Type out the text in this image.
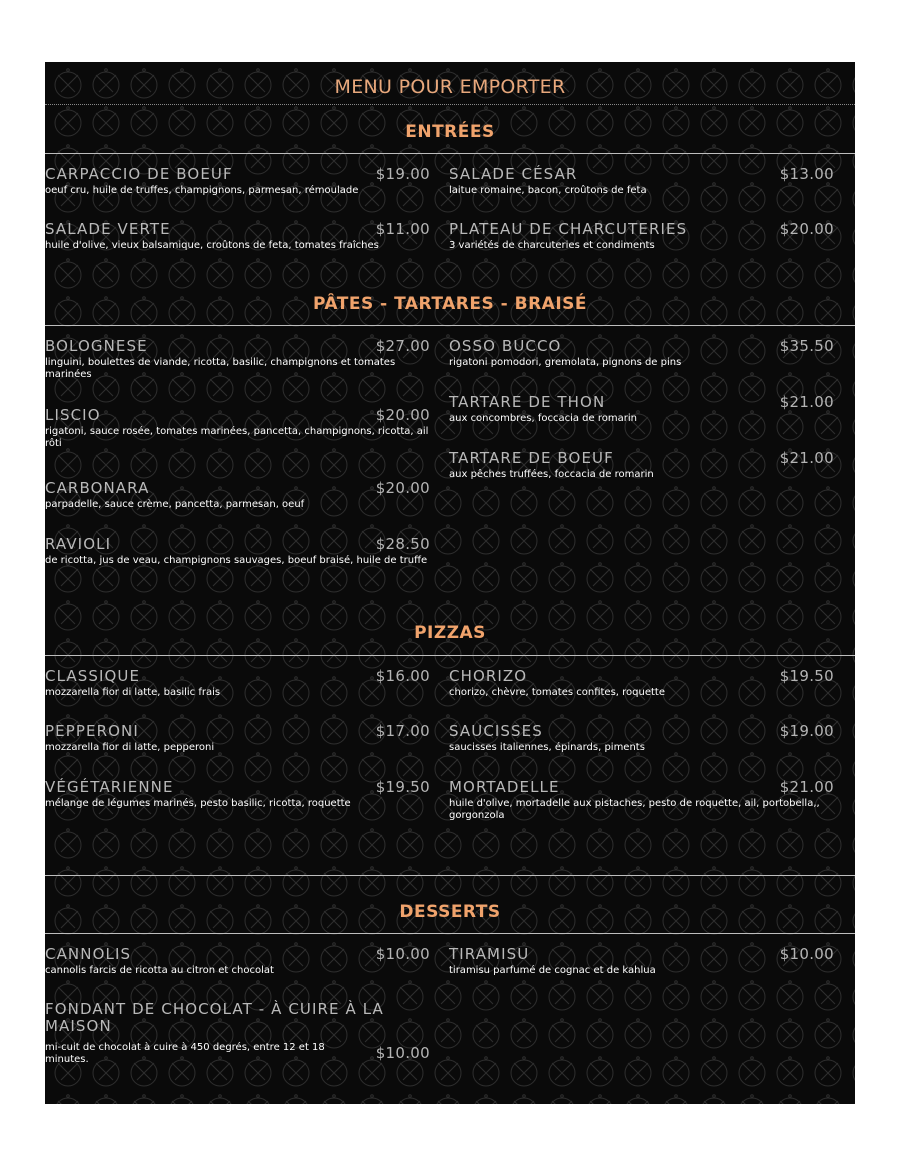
MENU POUR EMPORTER
ENTRÉES
CARPACCIO DE BOEUF	$19.00
oeuf cru, huile de truffes, champignons, parmesan, rémoulade
SALADE CÉSAR	$13.00
laitue romaine, bacon, croûtons de feta
SALADE VERTE	$11.00
huile d'olive, vieux balsamique, croûtons de feta, tomates fraîches
PLATEAU DE CHARCUTERIES	$20.00
3 variétés de charcuteries et condiments
PÂTES - TARTARES - BRAISÉ
BOLOGNESE	$27.00
linguini, boulettes de viande, ricotta, basilic, champignons et tomates marinées
OSSO BUCCO	$35.50
rigatoni pomodori, gremolata, pignons de pins
LISCIO	$20.00
rigatoni, sauce rosée, tomates marinées, pancetta, champignons, ricotta, ail rôti
TARTARE DE THON	$21.00
aux concombres, foccacia de romarin
TARTARE DE BOEUF	$21.00
aux pêches truffées, foccacia de romarin
CARBONARA	$20.00
parpadelle, sauce crème, pancetta, parmesan, oeuf
RAVIOLI	$28.50
de ricotta, jus de veau, champignons sauvages, boeuf braisé, huile de truffe
PIZZAS
CLASSIQUE	$16.00
mozzarella fior di latte, basilic frais
CHORIZO	$19.50
chorizo, chèvre, tomates confites, roquette
PEPPERONI	$17.00
mozzarella fior di latte, pepperoni
SAUCISSES	$19.00
saucisses italiennes, épinards, piments
VÉGÉTARIENNE	$19.50
mélange de légumes marinés, pesto basilic, ricotta, roquette
MORTADELLE	$21.00
huile d'olive, mortadelle aux pistaches, pesto de roquette, ail, portobella,, gorgonzola
DESSERTS
CANNOLIS	$10.00
cannolis farcis de ricotta au citron et chocolat
TIRAMISU	$10.00
tiramisu parfumé de cognac et de kahlua
FONDANT DE CHOCOLAT - À CUIRE À LA MAISON
mi-cuit de chocolat à cuire à 450 degrés, entre 12 et 18 minutes.	$10.00
